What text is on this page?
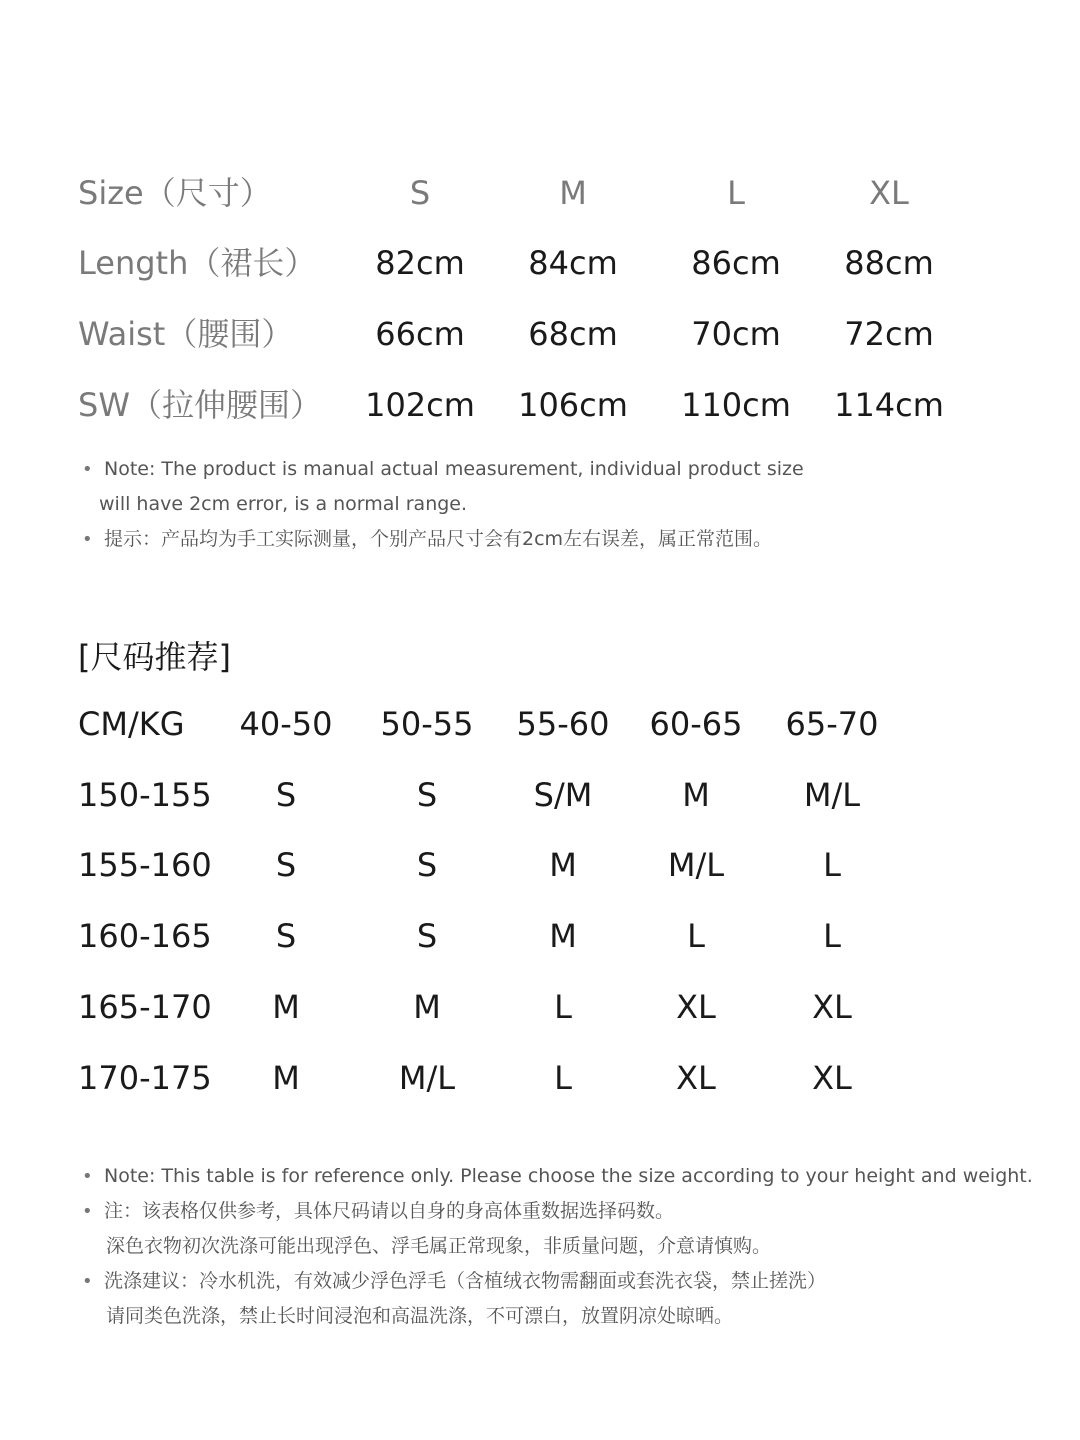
Size（尺寸）	S	M	L	XL
Length（裙长）	82cm	84cm	86cm	88cm
Waist（腰围）	66cm	68cm	70cm	72cm
SW（拉伸腰围）	102cm	106cm	110cm	114cm
• Note: The product is manual actual measurement, individual product size
will have 2cm error, is a normal range.
• 提示：产品均为手工实际测量，个别产品尺寸会有2cm左右误差，属正常范围。
[尺码推荐]
CM/KG	40-50	50-55	55-60	60-65	65-70
150-155	S	S	S/M	M	M/L
155-160	S	S	M	M/L	L
160-165	S	S	M	L	L
165-170	M	M	L	XL	XL
170-175	M	M/L	L	XL	XL
• Note: This table is for reference only. Please choose the size according to your height and weight.
• 注：该表格仅供参考，具体尺码请以自身的身高体重数据选择码数。
深色衣物初次洗涤可能出现浮色、浮毛属正常现象，非质量问题，介意请慎购。
• 洗涤建议：冷水机洗，有效减少浮色浮毛（含植绒衣物需翻面或套洗衣袋，禁止搓洗）
请同类色洗涤，禁止长时间浸泡和高温洗涤，不可漂白，放置阴凉处晾晒。
